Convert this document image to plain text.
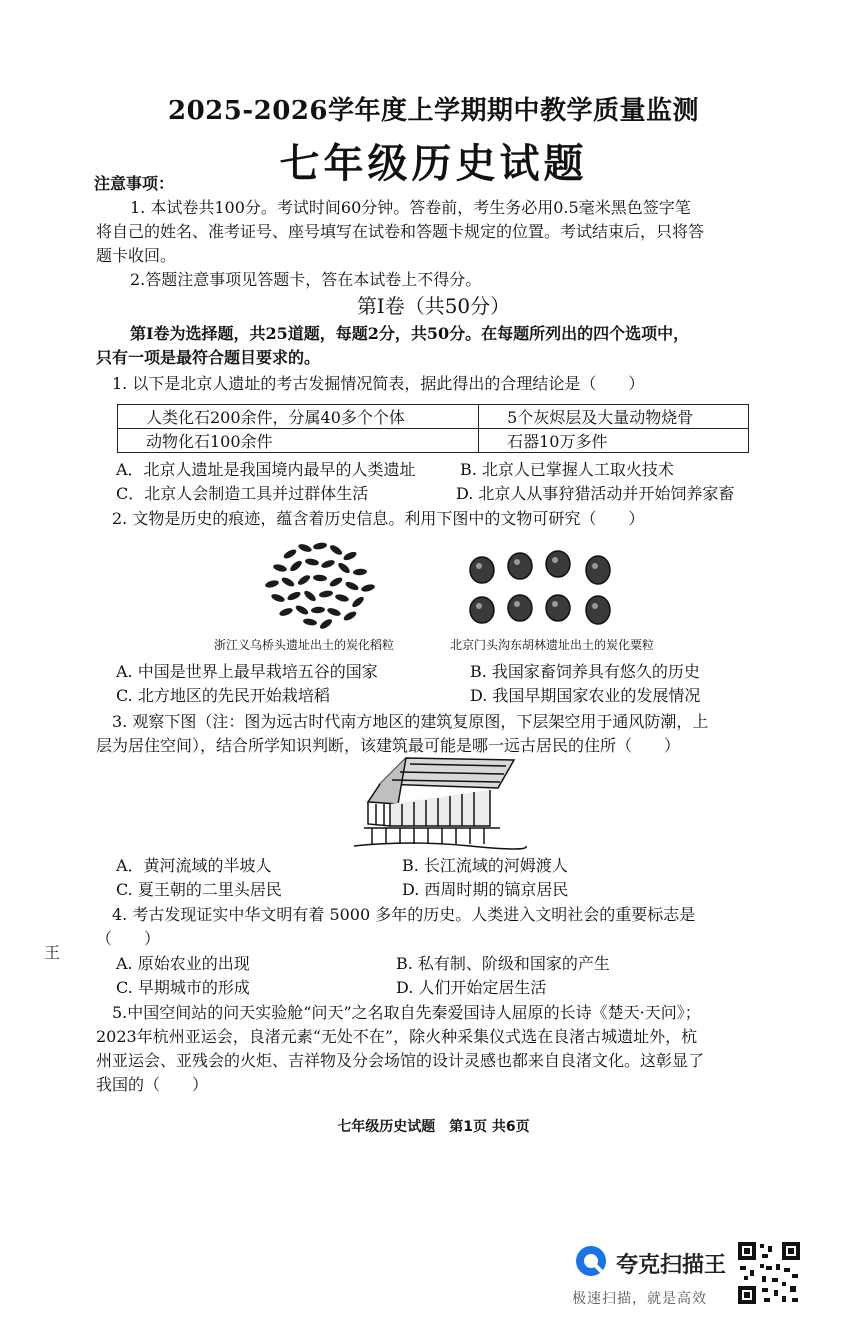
2025-2026学年度上学期期中教学质量监测
七年级历史试题
注意事项：
1. 本试卷共100分。考试时间60分钟。答卷前，考生务必用0.5毫米黑色签字笔
将自己的姓名、准考证号、座号填写在试卷和答题卡规定的位置。考试结束后，只将答
题卡收回。
2.答题注意事项见答题卡，答在本试卷上不得分。
第Ⅰ卷（共50分）
第Ⅰ卷为选择题，共25道题，每题2分，共50分。在每题所列出的四个选项中，
只有一项是最符合题目要求的。
1. 以下是北京人遗址的考古发掘情况简表，据此得出的合理结论是（　　）
人类化石200余件，分属40多个个体	5个灰烬层及大量动物烧骨
动物化石100余件	石器10万多件
A．北京人遗址是我国境内最早的人类遗址	B. 北京人已掌握人工取火技术
C．北京人会制造工具并过群体生活	D. 北京人从事狩猎活动并开始饲养家畜
2. 文物是历史的痕迹，蕴含着历史信息。利用下图中的文物可研究（　　）
浙江义乌桥头遗址出土的炭化稻粒	北京门头沟东胡林遗址出土的炭化粟粒
A. 中国是世界上最早栽培五谷的国家	B. 我国家畜饲养具有悠久的历史
C. 北方地区的先民开始栽培稻	D. 我国早期国家农业的发展情况
3. 观察下图（注：图为远古时代南方地区的建筑复原图，下层架空用于通风防潮，上
层为居住空间），结合所学知识判断，该建筑最可能是哪一远古居民的住所（　　）
A．黄河流域的半坡人	B. 长江流域的河姆渡人
C. 夏王朝的二里头居民	D. 西周时期的镐京居民
4. 考古发现证实中华文明有着 5000 多年的历史。人类进入文明社会的重要标志是
（　　）
A. 原始农业的出现	B. 私有制、阶级和国家的产生
C. 早期城市的形成	D. 人们开始定居生活
5.中国空间站的问天实验舱“问天”之名取自先秦爱国诗人屈原的长诗《楚天·天问》；
2023年杭州亚运会，良渚元素“无处不在”，除火种采集仪式选在良渚古城遗址外，杭
州亚运会、亚残会的火炬、吉祥物及分会场馆的设计灵感也都来自良渚文化。这彰显了
我国的（　　）
七年级历史试题　第1页 共6页
王
夸克扫描王
极速扫描，就是高效
